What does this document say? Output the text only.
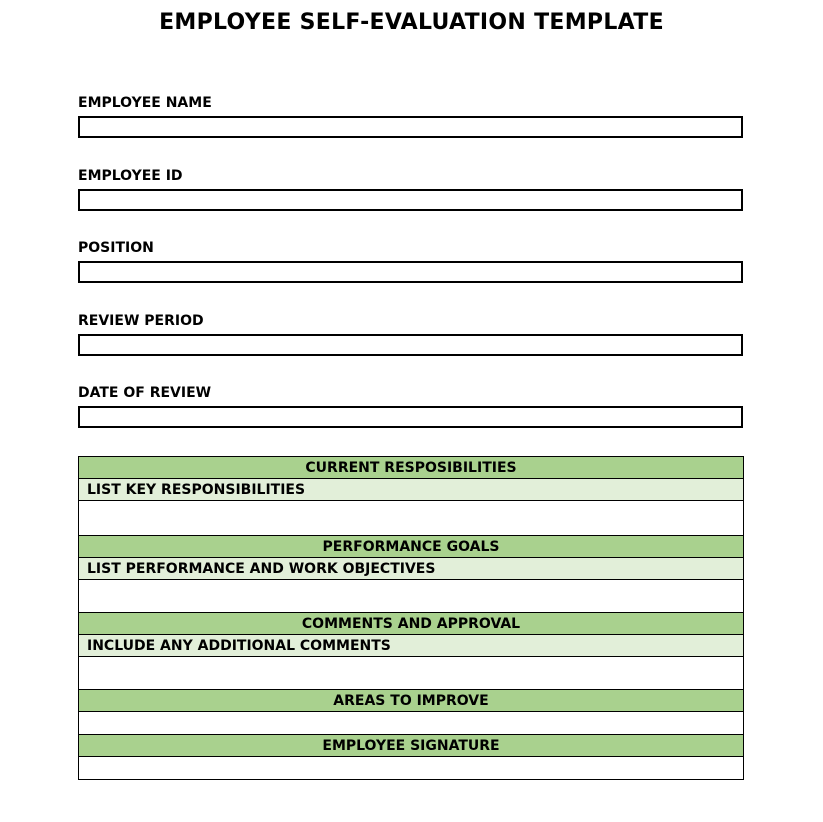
EMPLOYEE SELF-EVALUATION TEMPLATE
EMPLOYEE NAME
EMPLOYEE ID
POSITION
REVIEW PERIOD
DATE OF REVIEW
CURRENT RESPOSIBILITIES
LIST KEY RESPONSIBILITIES

PERFORMANCE GOALS
LIST PERFORMANCE AND WORK OBJECTIVES

COMMENTS AND APPROVAL
INCLUDE ANY ADDITIONAL COMMENTS

AREAS TO IMPROVE

EMPLOYEE SIGNATURE
